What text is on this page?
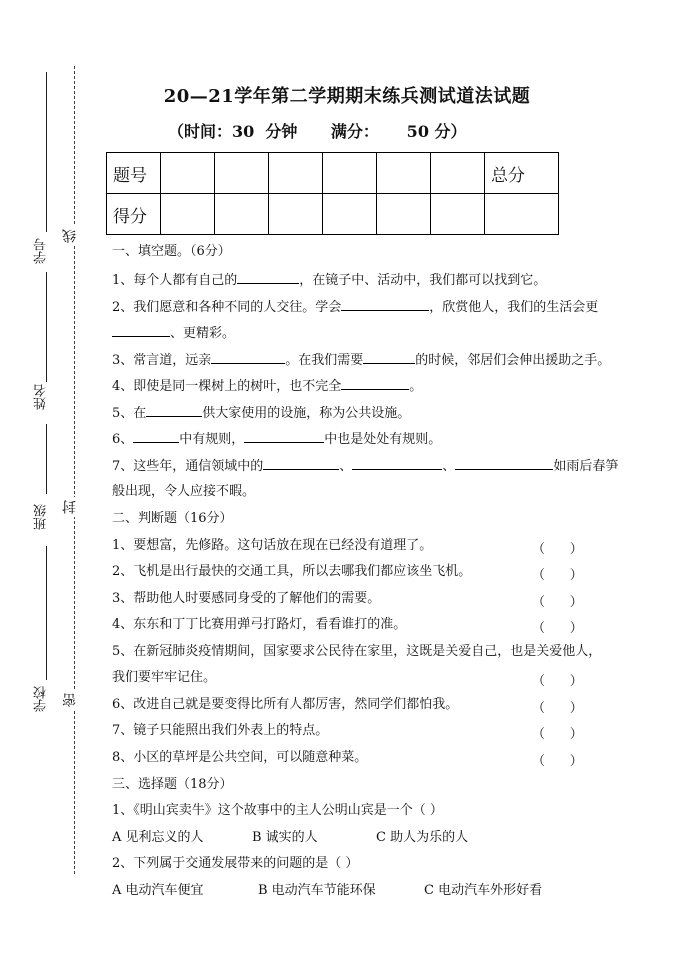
学号
姓名
班级
学校
线
封
密
20—21学年第二学期期末练兵测试道法试题
（时间：30  分钟      满分：     50 分）
题号							总分
得分							
一、填空题。（6分）
1、每个人都有自己的	，在镜子中、活动中，我们都可以找到它。
2、我们愿意和各种不同的人交往。学会	，欣赏他人，我们的生活会更
、更精彩。
3、常言道，远亲	。在我们需要	的时候，邻居们会伸出援助之手。
4、即使是同一棵树上的树叶，也不完全	。
5、在	供大家使用的设施，称为公共设施。
6、	中有规则，	中也是处处有规则。
7、这些年，通信领域中的	、	、	如雨后春笋
般出现，令人应接不暇。
二、判断题（16分）
1、要想富，先修路。这句话放在现在已经没有道理了。	（      ）
2、飞机是出行最快的交通工具，所以去哪我们都应该坐飞机。	（      ）
3、帮助他人时要感同身受的了解他们的需要。	（      ）
4、东东和丁丁比赛用弹弓打路灯，看看谁打的准。	（      ）
5、在新冠肺炎疫情期间，国家要求公民待在家里，这既是关爱自己，也是关爱他人，
我们要牢牢记住。	（      ）
6、改进自己就是要变得比所有人都厉害，然同学们都怕我。	（      ）
7、镜子只能照出我们外表上的特点。	（      ）
8、小区的草坪是公共空间，可以随意种菜。	（      ）
三、选择题（18分）
1、《明山宾卖牛》这个故事中的主人公明山宾是一个（ ）
A 见利忘义的人	B 诚实的人	C 助人为乐的人
2、下列属于交通发展带来的问题的是（ ）
A 电动汽车便宜	B 电动汽车节能环保	C 电动汽车外形好看
